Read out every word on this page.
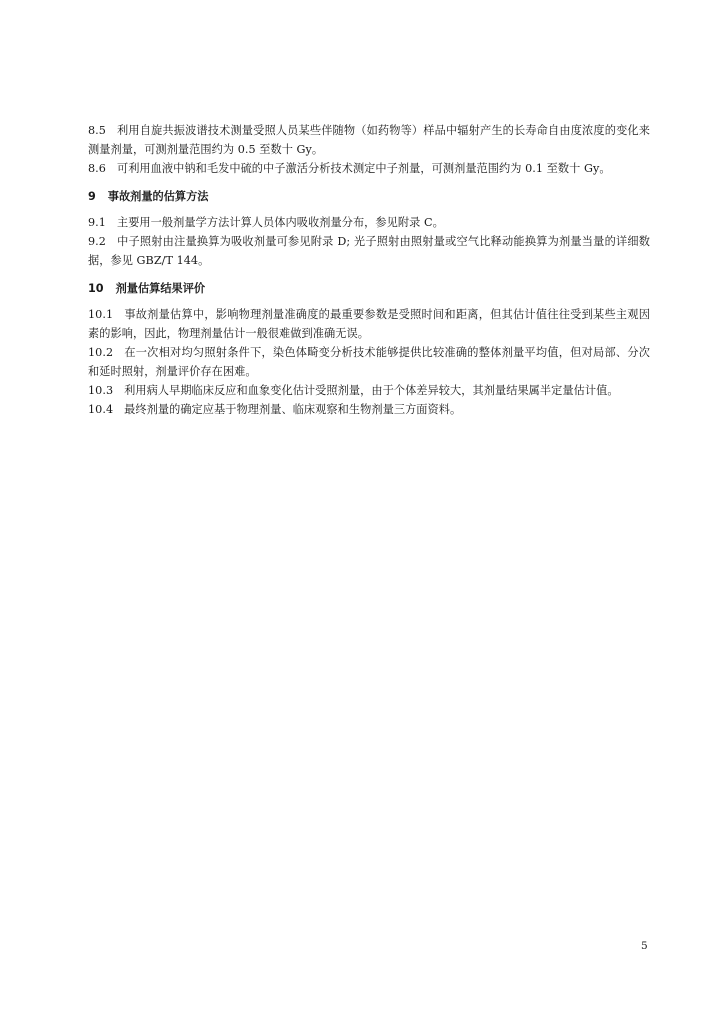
8.5 利用自旋共振波谱技术测量受照人员某些伴随物（如药物等）样品中辐射产生的长寿命自由度浓度的变化来测量剂量，可测剂量范围约为 0.5 至数十 Gy。

8.6 可利用血液中钠和毛发中硫的中子激活分析技术测定中子剂量，可测剂量范围约为 0.1 至数十 Gy。

9 事故剂量的估算方法

9.1 主要用一般剂量学方法计算人员体内吸收剂量分布，参见附录 C。

9.2 中子照射由注量换算为吸收剂量可参见附录 D; 光子照射由照射量或空气比释动能换算为剂量当量的详细数据，参见 GBZ/T 144。

10 剂量估算结果评价

10.1 事故剂量估算中，影响物理剂量准确度的最重要参数是受照时间和距离，但其估计值往往受到某些主观因素的影响，因此，物理剂量估计一般很难做到准确无误。

10.2 在一次相对均匀照射条件下，染色体畸变分析技术能够提供比较准确的整体剂量平均值，但对局部、分次和延时照射，剂量评价存在困难。

10.3 利用病人早期临床反应和血象变化估计受照剂量，由于个体差异较大，其剂量结果属半定量估计值。

10.4 最终剂量的确定应基于物理剂量、临床观察和生物剂量三方面资料。

5
